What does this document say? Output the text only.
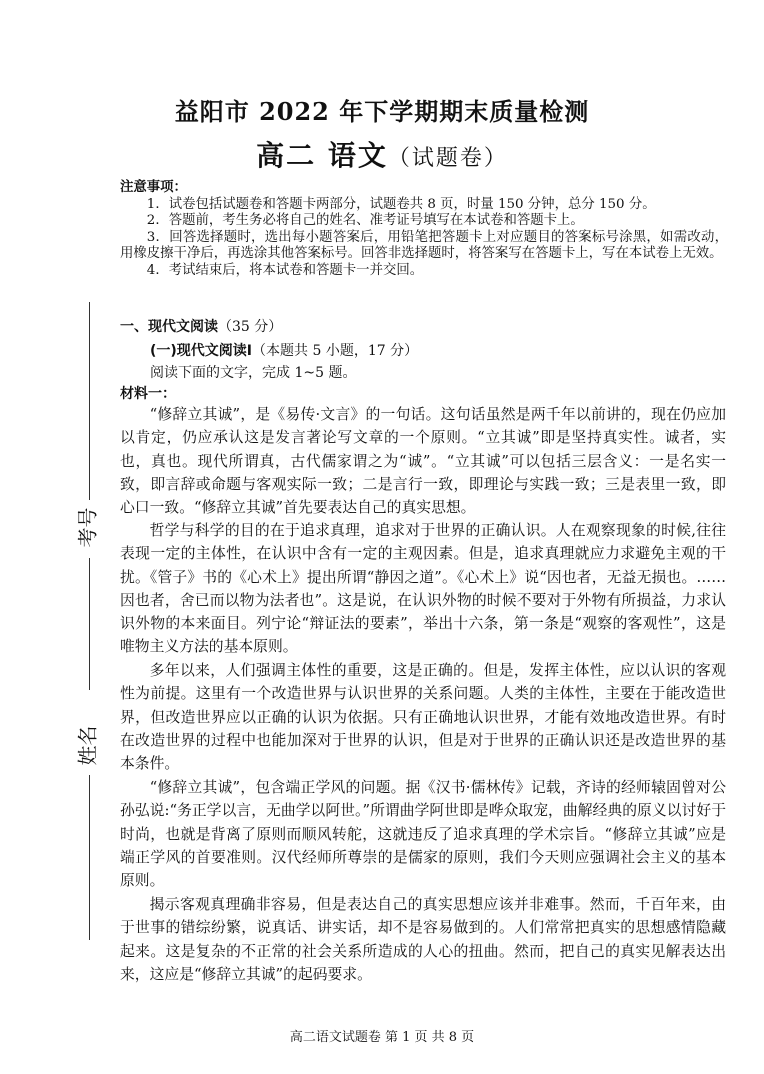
考号
姓名
益阳市 2022 年下学期期末质量检测
高二 语文（试题卷）
注意事项：
1．试卷包括试题卷和答题卡两部分，试题卷共 8 页，时量 150 分钟，总分 150 分。
2．答题前，考生务必将自己的姓名、准考证号填写在本试卷和答题卡上。
3．回答选择题时，选出每小题答案后，用铅笔把答题卡上对应题目的答案标号涂黑，如需改动，用橡皮擦干净后，再选涂其他答案标号。回答非选择题时，将答案写在答题卡上，写在本试卷上无效。
4．考试结束后，将本试卷和答题卡一并交回。
一、现代文阅读（35 分）
(一)现代文阅读Ⅰ（本题共 5 小题，17 分）
阅读下面的文字，完成 1~5 题。
材料一：
“修辞立其诚”，是《易传·文言》的一句话。这句话虽然是两千年以前讲的，现在仍应加以肯定，仍应承认这是发言著论写文章的一个原则。“立其诚”即是坚持真实性。诚者，实也，真也。现代所谓真，古代儒家谓之为“诚”。“立其诚”可以包括三层含义：一是名实一致，即言辞或命题与客观实际一致；二是言行一致，即理论与实践一致；三是表里一致，即心口一致。“修辞立其诚”首先要表达自己的真实思想。
哲学与科学的目的在于追求真理，追求对于世界的正确认识。人在观察现象的时候,往往表现一定的主体性，在认识中含有一定的主观因素。但是，追求真理就应力求避免主观的干扰。《管子》书的《心术上》提出所谓“静因之道”。《心术上》说“因也者，无益无损也。……因也者，舍已而以物为法者也”。这是说，在认识外物的时候不要对于外物有所损益，力求认识外物的本来面目。列宁论“辩证法的要素”，举出十六条，第一条是“观察的客观性”，这是唯物主义方法的基本原则。
多年以来，人们强调主体性的重要，这是正确的。但是，发挥主体性，应以认识的客观性为前提。这里有一个改造世界与认识世界的关系问题。人类的主体性，主要在于能改造世界，但改造世界应以正确的认识为依据。只有正确地认识世界，才能有效地改造世界。有时在改造世界的过程中也能加深对于世界的认识，但是对于世界的正确认识还是改造世界的基本条件。
“修辞立其诚”，包含端正学风的问题。据《汉书·儒林传》记载，齐诗的经师辕固曾对公孙弘说:“务正学以言，无曲学以阿世。”所谓曲学阿世即是哗众取宠，曲解经典的原义以讨好于时尚，也就是背离了原则而顺风转舵，这就违反了追求真理的学术宗旨。“修辞立其诚”应是端正学风的首要准则。汉代经师所尊崇的是儒家的原则，我们今天则应强调社会主义的基本原则。
揭示客观真理确非容易，但是表达自己的真实思想应该并非难事。然而，千百年来，由于世事的错综纷繁，说真话、讲实话，却不是容易做到的。人们常常把真实的思想感情隐藏起来。这是复杂的不正常的社会关系所造成的人心的扭曲。然而，把自己的真实见解表达出来，这应是“修辞立其诚”的起码要求。
高二语文试题卷 第 1 页 共 8 页
